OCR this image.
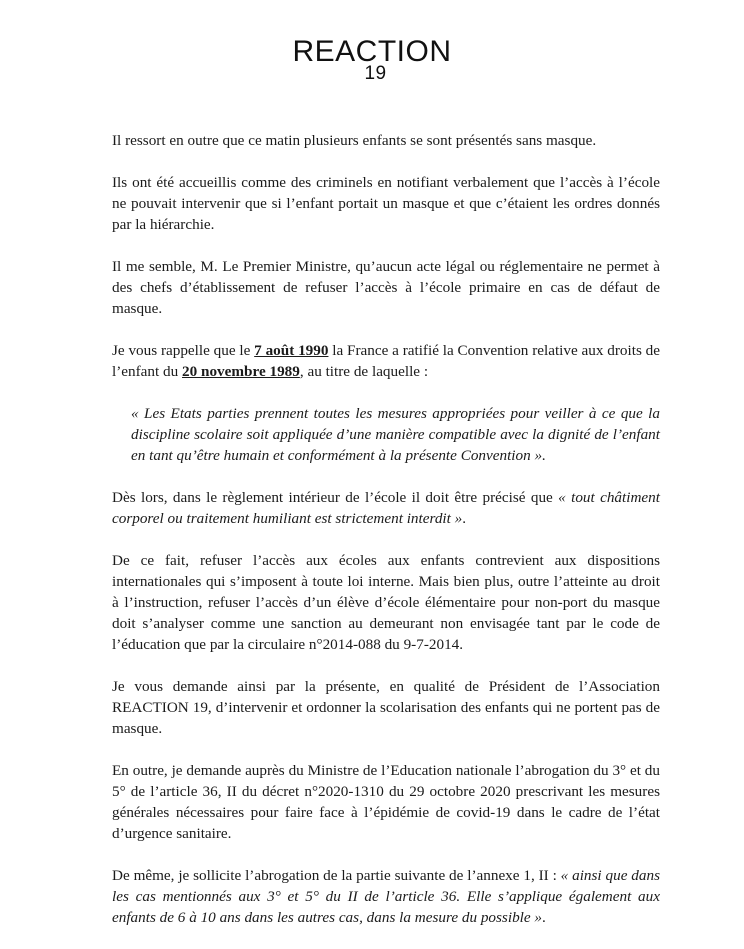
REACTION
19

Il ressort en outre que ce matin plusieurs enfants se sont présentés sans masque.

Ils ont été accueillis comme des criminels en notifiant verbalement que l’accès à l’école ne pouvait intervenir que si l’enfant portait un masque et que c’étaient les ordres donnés par la hiérarchie.

Il me semble, M. Le Premier Ministre, qu’aucun acte légal ou réglementaire ne permet à des chefs d’établissement de refuser l’accès à l’école primaire en cas de défaut de masque.

Je vous rappelle que le 7 août 1990 la France a ratifié la Convention relative aux droits de l’enfant du 20 novembre 1989, au titre de laquelle :

« Les Etats parties prennent toutes les mesures appropriées pour veiller à ce que la discipline scolaire soit appliquée d’une manière compatible avec la dignité de l’enfant en tant qu’être humain et conformément à la présente Convention ».

Dès lors, dans le règlement intérieur de l’école il doit être précisé que « tout châtiment corporel ou traitement humiliant est strictement interdit ».

De ce fait, refuser l’accès aux écoles aux enfants contrevient aux dispositions internationales qui s’imposent à toute loi interne. Mais bien plus, outre l’atteinte au droit à l’instruction, refuser l’accès d’un élève d’école élémentaire pour non-port du masque doit s’analyser comme une sanction au demeurant non envisagée tant par le code de l’éducation que par la circulaire n°2014-088 du 9-7-2014.

Je vous demande ainsi par la présente, en qualité de Président de l’Association REACTION 19, d’intervenir et ordonner la scolarisation des enfants qui ne portent pas de masque.

En outre, je demande auprès du Ministre de l’Education nationale l’abrogation du 3° et du 5° de l’article 36, II du décret n°2020-1310 du 29 octobre 2020 prescrivant les mesures générales nécessaires pour faire face à l’épidémie de covid-19 dans le cadre de l’état d’urgence sanitaire.

De même, je sollicite l’abrogation de la partie suivante de l’annexe 1, II : « ainsi que dans les cas mentionnés aux 3° et 5° du II de l’article 36. Elle s’applique également aux enfants de 6 à 10 ans dans les autres cas, dans la mesure du possible ».
